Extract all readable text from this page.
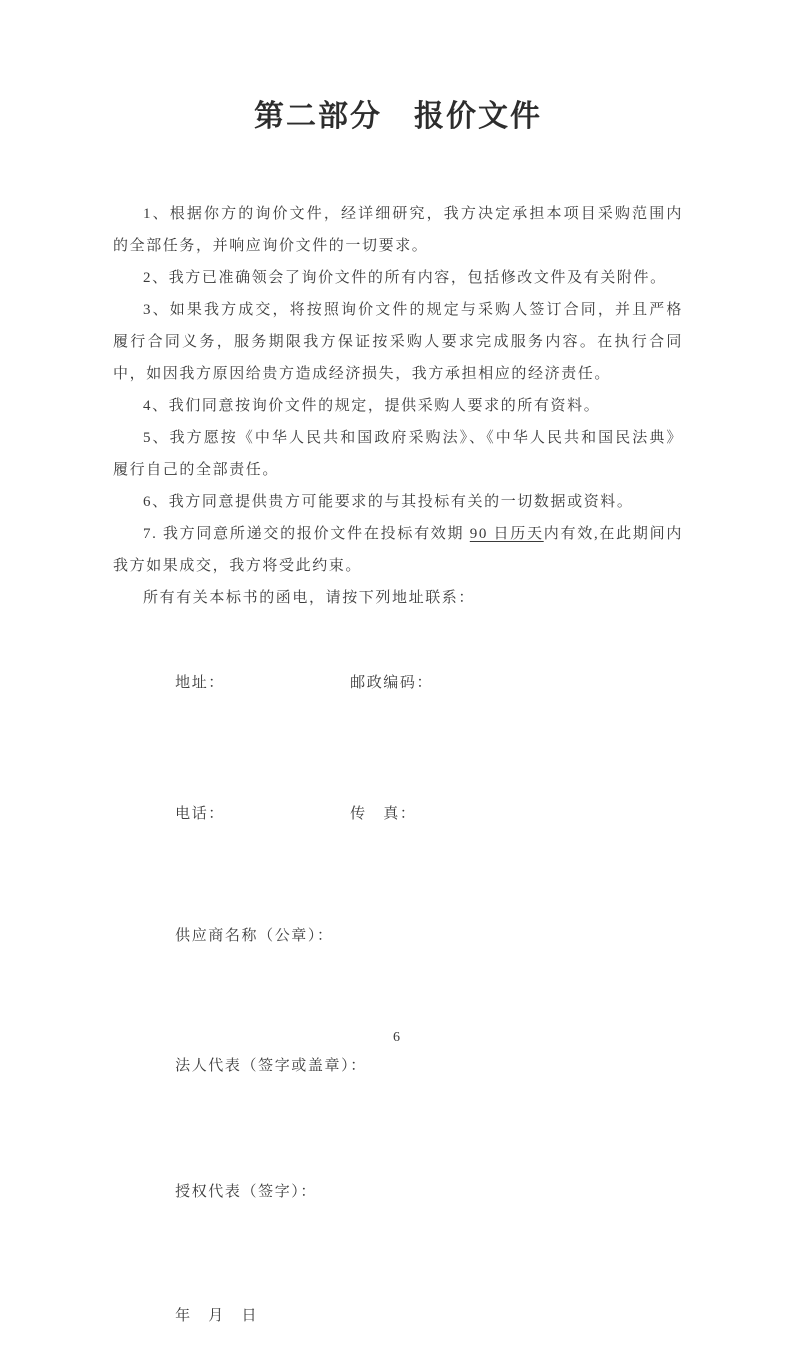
第二部分　报价文件

1、根据你方的询价文件，经详细研究，我方决定承担本项目采购范围内的全部任务，并响应询价文件的一切要求。

2、我方已准确领会了询价文件的所有内容，包括修改文件及有关附件。

3、如果我方成交，将按照询价文件的规定与采购人签订合同，并且严格履行合同义务，服务期限我方保证按采购人要求完成服务内容。在执行合同中，如因我方原因给贵方造成经济损失，我方承担相应的经济责任。

4、我们同意按询价文件的规定，提供采购人要求的所有资料。

5、我方愿按《中华人民共和国政府采购法》、《中华人民共和国民法典》履行自己的全部责任。

6、我方同意提供贵方可能要求的与其投标有关的一切数据或资料。

7. 我方同意所递交的报价文件在投标有效期 90 日历天内有效,在此期间内我方如果成交，我方将受此约束。

所有有关本标书的函电，请按下列地址联系：

地址：	邮政编码：

电话：	传　真：

供应商名称（公章）：

法人代表（签字或盖章）：

授权代表（签字）：

年　月　日

6
